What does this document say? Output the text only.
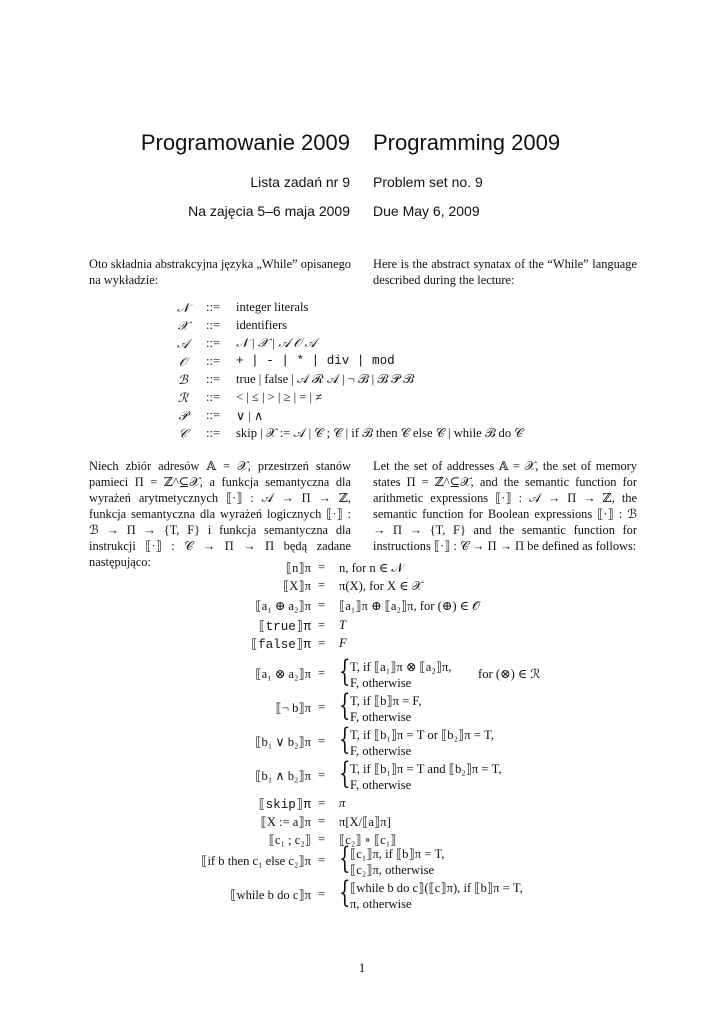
Programowanie 2009 Programming 2009
Lista zadań nr 9 Problem set no. 9
Na zajęcia 5–6 maja 2009 Due May 6, 2009
Oto składnia abstrakcyjna języka „While” opisanego na wykładzie:
Here is the abstract synatax of the “While” language described during the lecture:
𝒩	::= integer literals
𝒳	::= identifiers
𝒜	::= 𝒩 | 𝒳 | 𝒜 𝒪 𝒜
𝒪	::= + | - | * | div | mod
ℬ	::= true | false | 𝒜 ℛ 𝒜 | ¬ ℬ | ℬ 𝒫 ℬ
ℛ	::= < | ≤ | > | ≥ | = | ≠
𝒫	::= ∨ | ∧
𝒞	::= skip | 𝒳 := 𝒜 | 𝒞 ; 𝒞 | if ℬ then 𝒞 else 𝒞 | while ℬ do 𝒞
Niech zbiór adresów 𝔸 = 𝒳, przestrzeń stanów pamieci Π = ℤ^⊆𝒳, a funkcja semantyczna dla wyrażeń arytmetycznych ⟦·⟧ : 𝒜 → Π → ℤ, funkcja semantyczna dla wyrażeń logicznych ⟦·⟧ : ℬ → Π → {T, F} i funkcja semantyczna dla instrukcji ⟦·⟧ : 𝒞 → Π → Π będą zadane następująco:
Let the set of addresses 𝔸 = 𝒳, the set of memory states Π = ℤ^⊆𝒳, and the semantic function for arithmetic expressions ⟦·⟧ : 𝒜 → Π → ℤ, the semantic function for Boolean expressions ⟦·⟧ : ℬ → Π → {T, F} and the semantic function for instructions ⟦·⟧ : 𝒞 → Π → Π be defined as follows:
⟦n⟧π = n, for n ∈ 𝒩
⟦X⟧π = π(X), for X ∈ 𝒳
⟦a₁ ⊕ a₂⟧π = ⟦a₁⟧π ⊕ ⟦a₂⟧π, for (⊕) ∈ 𝒪
⟦true⟧π = T
⟦false⟧π = F
⟦a₁ ⊗ a₂⟧π = { T, if ⟦a₁⟧π ⊗ ⟦a₂⟧π,
F, otherwise
for (⊗) ∈ ℛ
⟦¬ b⟧π = { T, if ⟦b⟧π = F,
F, otherwise
⟦b₁ ∨ b₂⟧π = { T, if ⟦b₁⟧π = T or ⟦b₂⟧π = T,
F, otherwise
⟦b₁ ∧ b₂⟧π = { T, if ⟦b₁⟧π = T and ⟦b₂⟧π = T,
F, otherwise
⟦skip⟧π = π
⟦X := a⟧π = π[X/⟦a⟧π]
⟦c₁ ; c₂⟧ = ⟦c₂⟧ ∘ ⟦c₁⟧
⟦if b then c₁ else c₂⟧π = { ⟦c₁⟧π, if ⟦b⟧π = T,
⟦c₂⟧π, otherwise
⟦while b do c⟧π = { ⟦while b do c⟧(⟦c⟧π), if ⟦b⟧π = T,
π, otherwise
1
